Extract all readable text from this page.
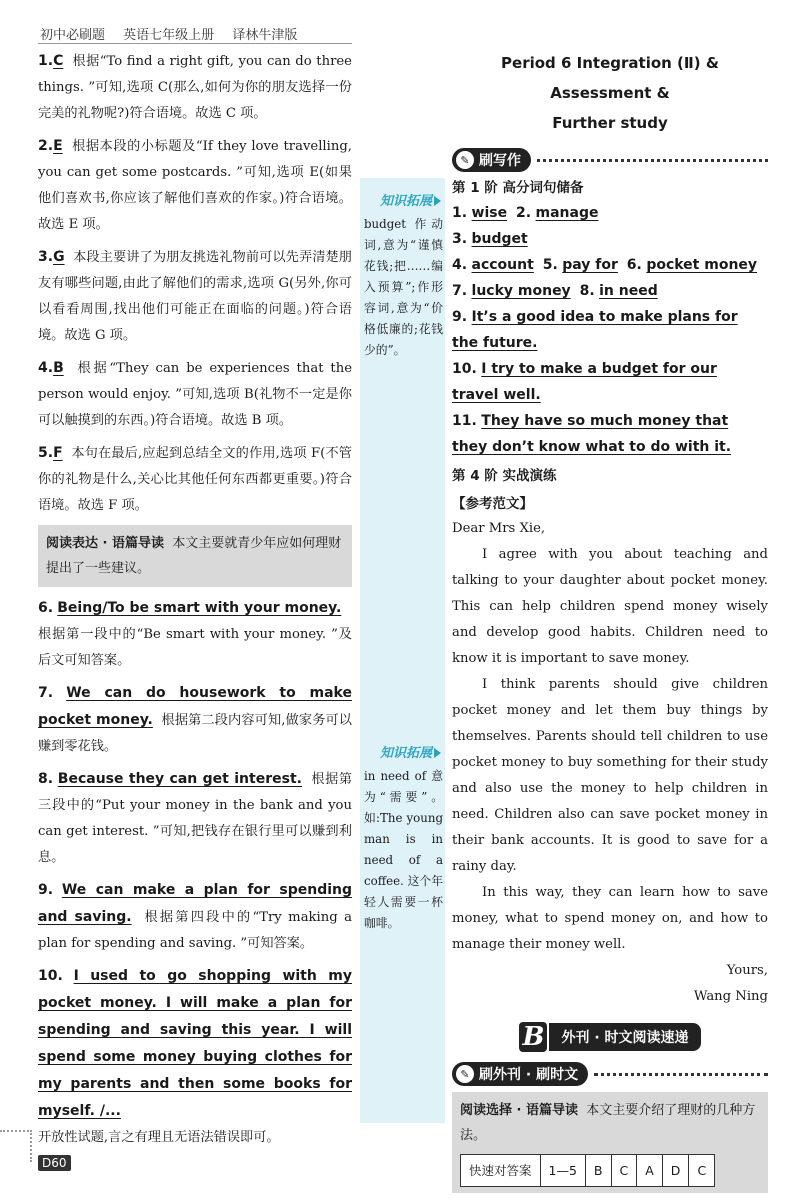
初中必刷题 英语七年级上册 译林牛津版
知识拓展
budget 作动词,意为“谨慎花钱;把……编入预算”;作形容词,意为“价格低廉的;花钱少的”。
知识拓展
in need of 意为“需要”。如:The young man is in need of a coffee. 这个年轻人需要一杯咖啡。
1.C 根据“To find a right gift, you can do three things. ”可知,选项 C(那么,如何为你的朋友选择一份完美的礼物呢?)符合语境。故选 C 项。
2.E 根据本段的小标题及“If they love travelling, you can get some postcards. ”可知,选项 E(如果他们喜欢书,你应该了解他们喜欢的作家。)符合语境。故选 E 项。
3.G 本段主要讲了为朋友挑选礼物前可以先弄清楚朋友有哪些问题,由此了解他们的需求,选项 G(另外,你可以看看周围,找出他们可能正在面临的问题。)符合语境。故选 G 项。
4.B 根据“They can be experiences that the person would enjoy. ”可知,选项 B(礼物不一定是你可以触摸到的东西。)符合语境。故选 B 项。
5.F 本句在最后,应起到总结全文的作用,选项 F(不管你的礼物是什么,关心比其他任何东西都更重要。)符合语境。故选 F 项。
阅读表达 · 语篇导读 本文主要就青少年应如何理财提出了一些建议。
6. Being/To be smart with your money.
根据第一段中的“Be smart with your money. ”及后文可知答案。
7. We can do housework to make pocket money. 根据第二段内容可知,做家务可以赚到零花钱。
8. Because they can get interest. 根据第三段中的“Put your money in the bank and you can get interest. ”可知,把钱存在银行里可以赚到利息。
9. We can make a plan for spending and saving. 根据第四段中的“Try making a plan for spending and saving. ”可知答案。
10. I used to go shopping with my pocket money. I will make a plan for spending and saving this year. I will spend some money buying clothes for my parents and then some books for myself. /...
开放性试题,言之有理且无语法错误即可。
Period 6 Integration (Ⅱ) & Assessment &
Further study
✎ 刷写作
第 1 阶 高分词句储备
1. wise 2. manage
3. budget
4. account 5. pay for 6. pocket money
7. lucky money 8. in need
9. It’s a good idea to make plans for the future.
10. I try to make a budget for our travel well.
11. They have so much money that they don’t know what to do with it.
第 4 阶 实战演练
【参考范文】
Dear Mrs Xie,

I agree with you about teaching and talking to your daughter about pocket money. This can help children spend money wisely and develop good habits. Children need to know it is important to save money.

I think parents should give children pocket money and let them buy things by themselves. Parents should tell children to use pocket money to buy something for their study and also use the money to help children in need. Children also can save pocket money in their bank accounts. It is good to save for a rainy day.

In this way, they can learn how to save money, what to spend money on, and how to manage their money well.

Yours,
Wang Ning
B	外刊 · 时文阅读速递
✎ 刷外刊 · 刷时文
阅读选择 · 语篇导读 本文主要介绍了理财的几种方法。
快速对答案	1—5	B	C	A	D	C
D60
